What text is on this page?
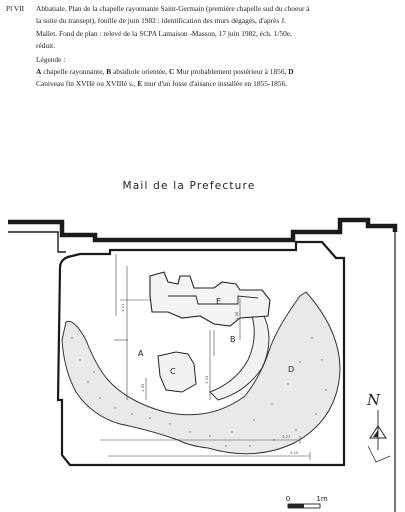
Pl VII Abbatiale. Plan de la chapelle rayonnante Saint-Germain (première chapelle sud du choeur à

la suite du transept), fouille de juin 1982 : identification des murs dégagés, d'après J.

Mallet. Fond de plan : relevé de la SCPA Lamaison -Masson, 17 juin 1982, éch. 1/50e,

réduit.

Légende :

A chapelle rayonnante, B absidiole orientée, C Mur probablement postérieur à 1856, D

Caniveau fin XVIIè ou XVIIIè s., E mur d'un fosse d'aisance installée en 1855-1856.

Mail de la Prefecture
1.11
1.05
1.13
1.26
3.27
4.10
A
B
C	D
E
N
0	1m
